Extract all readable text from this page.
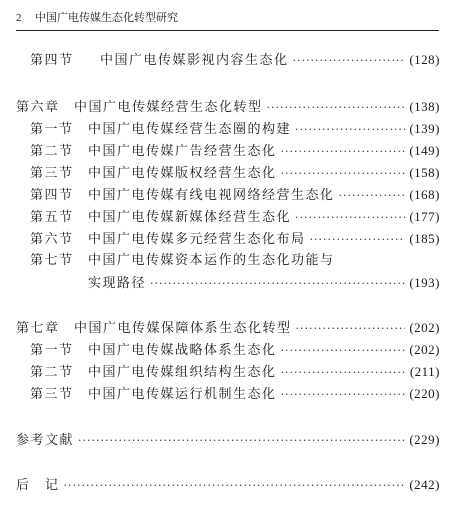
2 中国广电传媒生态化转型研究
第四节	中国广电传媒影视内容生态化 ·····	(128)
第六章	中国广电传媒经营生态化转型 ·····	(138)
第一节	中国广电传媒经营生态圈的构建 ·····	(139)
第二节	中国广电传媒广告经营生态化 ·····	(149)
第三节	中国广电传媒版权经营生态化 ·····	(158)
第四节	中国广电传媒有线电视网络经营生态化 ·····	(168)
第五节	中国广电传媒新媒体经营生态化 ·····	(177)
第六节	中国广电传媒多元经营生态化布局 ·····	(185)
第七节	中国广电传媒资本运作的生态化功能与
实现路径 ·····	(193)
第七章	中国广电传媒保障体系生态化转型 ·····	(202)
第一节	中国广电传媒战略体系生态化 ·····	(202)
第二节	中国广电传媒组织结构生态化 ·····	(211)
第三节	中国广电传媒运行机制生态化 ·····	(220)
参考文献 ·····	(229)
后　记 ·····	(242)
